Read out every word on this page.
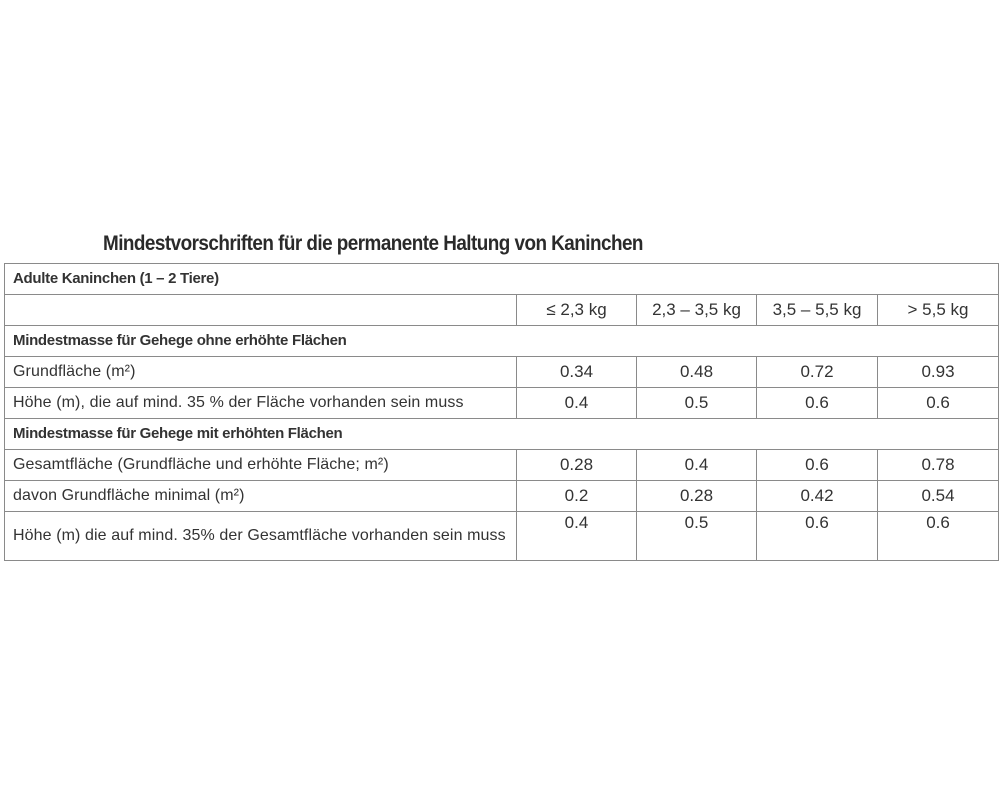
Mindestvorschriften für die permanente Haltung von Kaninchen
Adulte Kaninchen (1 – 2 Tiere)				
	≤ 2,3 kg	2,3 – 3,5 kg	3,5 – 5,5 kg	> 5,5 kg
Mindestmasse für Gehege ohne erhöhte Flächen				
Grundfläche (m²)	0.34	0.48	0.72	0.93
Höhe (m), die auf mind. 35 % der Fläche vorhanden sein muss	0.4	0.5	0.6	0.6
Mindestmasse für Gehege mit erhöhten Flächen				
Gesamtfläche (Grundfläche und erhöhte Fläche; m²)	0.28	0.4	0.6	0.78
davon Grundfläche minimal (m²)	0.2	0.28	0.42	0.54
Höhe (m) die auf mind. 35% der Gesamtfläche vorhanden sein muss	0.4	0.5	0.6	0.6
